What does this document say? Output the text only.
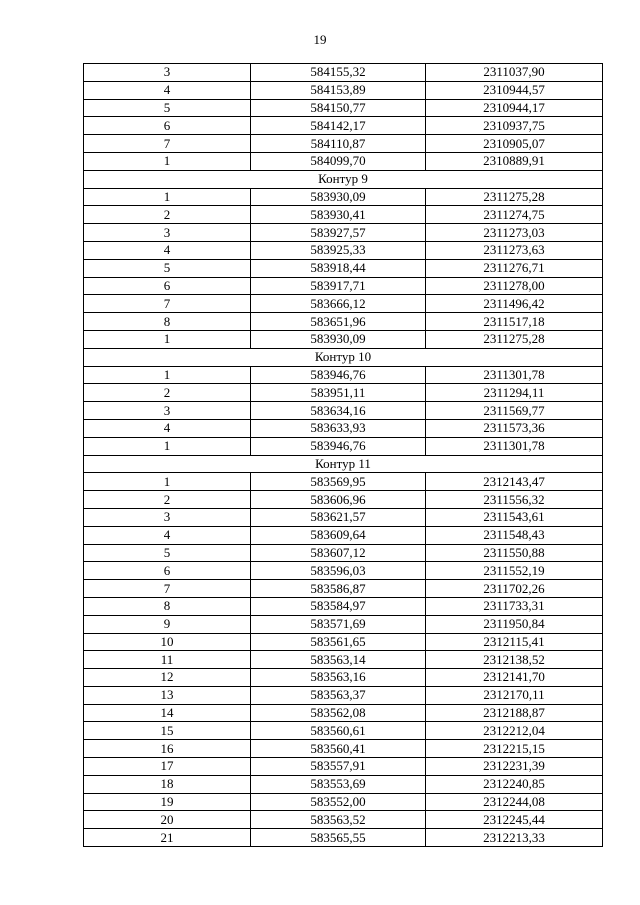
19
3	584155,32	2311037,90
4	584153,89	2310944,57
5	584150,77	2310944,17
6	584142,17	2310937,75
7	584110,87	2310905,07
1	584099,70	2310889,91
Контур 9		
1	583930,09	2311275,28
2	583930,41	2311274,75
3	583927,57	2311273,03
4	583925,33	2311273,63
5	583918,44	2311276,71
6	583917,71	2311278,00
7	583666,12	2311496,42
8	583651,96	2311517,18
1	583930,09	2311275,28
Контур 10		
1	583946,76	2311301,78
2	583951,11	2311294,11
3	583634,16	2311569,77
4	583633,93	2311573,36
1	583946,76	2311301,78
Контур 11		
1	583569,95	2312143,47
2	583606,96	2311556,32
3	583621,57	2311543,61
4	583609,64	2311548,43
5	583607,12	2311550,88
6	583596,03	2311552,19
7	583586,87	2311702,26
8	583584,97	2311733,31
9	583571,69	2311950,84
10	583561,65	2312115,41
11	583563,14	2312138,52
12	583563,16	2312141,70
13	583563,37	2312170,11
14	583562,08	2312188,87
15	583560,61	2312212,04
16	583560,41	2312215,15
17	583557,91	2312231,39
18	583553,69	2312240,85
19	583552,00	2312244,08
20	583563,52	2312245,44
21	583565,55	2312213,33
